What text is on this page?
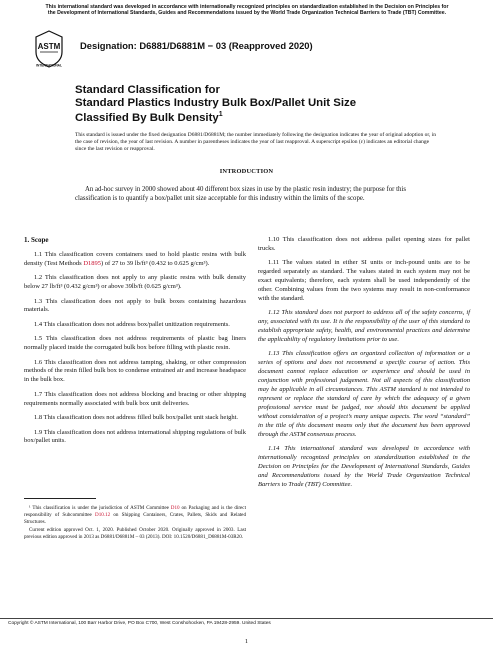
This international standard was developed in accordance with internationally recognized principles on standardization established in the Decision on Principles for the Development of International Standards, Guides and Recommendations issued by the World Trade Organization Technical Barriers to Trade (TBT) Committee.
ASTM
INTERNATIONAL
Designation: D6881/D6881M − 03 (Reapproved 2020)
Standard Classification for
Standard Plastics Industry Bulk Box/Pallet Unit Size
Classified By Bulk Density$^1$
This standard is issued under the fixed designation D6881/D6881M; the number immediately following the designation indicates the year of original adoption or, in the case of revision, the year of last revision. A number in parentheses indicates the year of last reapproval. A superscript epsilon (ε) indicates an editorial change since the last revision or reapproval.
INTRODUCTION
An ad-hoc survey in 2000 showed about 40 different box sizes in use by the plastic resin industry; the purpose for this classification is to quantify a box/pallet unit size acceptable for this industry within the limits of the scope.
1. Scope

1.1 This classification covers containers used to hold plastic resins with bulk density (Test Methods D1895) of 27 to 39 lb/ft³ (0.432 to 0.625 g/cm³).

1.2 This classification does not apply to any plastic resins with bulk density below 27 lb/ft³ (0.432 g/cm³) or above 39lb/ft (0.625 g/cm³).

1.3 This classification does not apply to bulk boxes containing hazardous materials.

1.4 This classification does not address box/pallet unitization requirements.

1.5 This classification does not address requirements of plastic bag liners normally placed inside the corrugated bulk box before filling with plastic resin.

1.6 This classification does not address tamping, shaking, or other compression methods of the resin filled bulk box to condense entrained air and increase headspace in the bulk box.

1.7 This classification does not address blocking and bracing or other shipping requirements normally associated with bulk box unit deliveries.

1.8 This classification does not address filled bulk box/pallet unit stack height.

1.9 This classification does not address international shipping regulations of bulk box/pallet units.

1.10 This classification does not address pallet opening sizes for pallet trucks.

1.11 The values stated in either SI units or inch-pound units are to be regarded separately as standard. The values stated in each system may not be exact equivalents; therefore, each system shall be used independently of the other. Combining values from the two systems may result in non-conformance with the standard.

1.12 This standard does not purport to address all of the safety concerns, if any, associated with its use. It is the responsibility of the user of this standard to establish appropriate safety, health, and environmental practices and determine the applicability of regulatory limitations prior to use.

1.13 This classification offers an organized collection of information or a series of options and does not recommend a specific course of action. This document cannot replace education or experience and should be used in conjunction with professional judgement. Not all aspects of this classification may be applicable in all circumstances. This ASTM standard is not intended to represent or replace the standard of care by which the adequacy of a given professional service must be judged, nor should this document be applied without consideration of a project’s many unique aspects. The word “standard” in the title of this document means only that the document has been approved through the ASTM consensus process.

1.14 This international standard was developed in accordance with internationally recognized principles on standardization established in the Decision on Principles for the Development of International Standards, Guides and Recommendations issued by the World Trade Organization Technical Barriers to Trade (TBT) Committee.

¹ This classification is under the jurisdiction of ASTM Committee D10 on Packaging and is the direct responsibility of Subcommittee D10.12 on Shipping Containers, Crates, Pallets, Skids and Related Structures.

Current edition approved Oct. 1, 2020. Published October 2020. Originally approved in 2003. Last previous edition approved in 2013 as D6881/D6881M – 03 (2013). DOI: 10.1520/D6881_D6881M-03R20.

Copyright © ASTM International, 100 Barr Harbor Drive, PO Box C700, West Conshohocken, PA 19428-2959. United States
1
